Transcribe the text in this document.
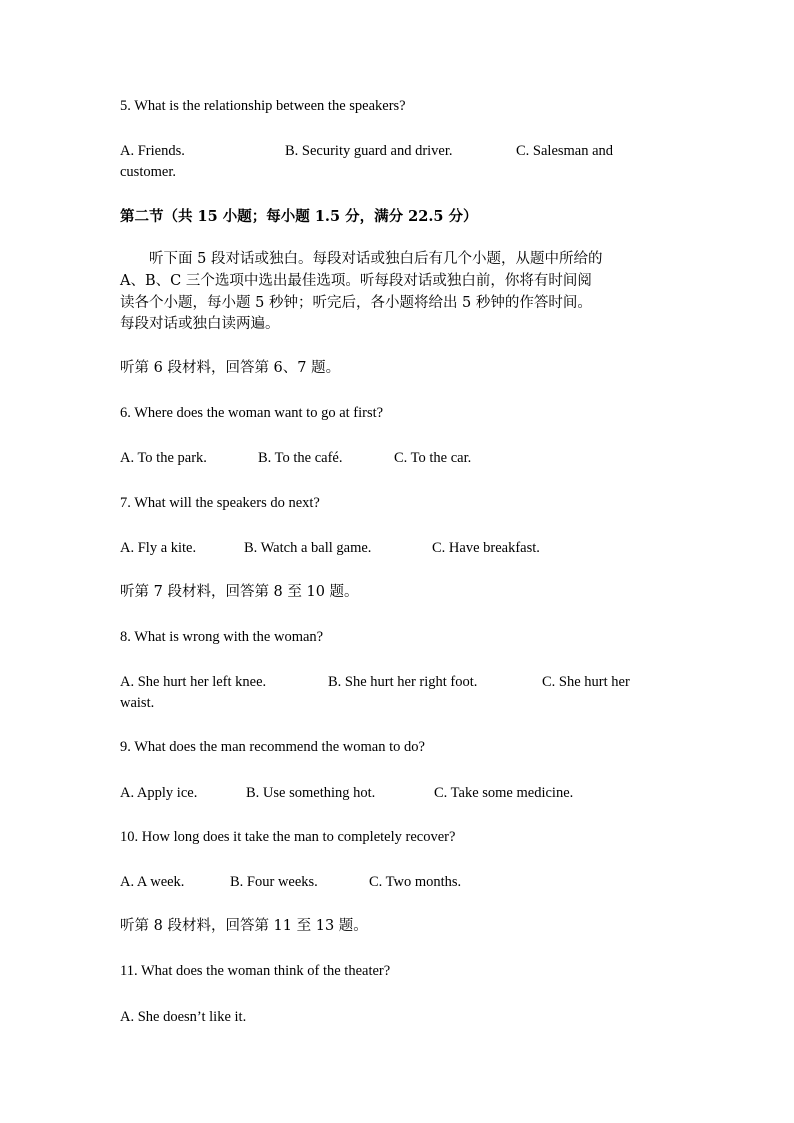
5. What is the relationship between the speakers?
A. Friends.	B. Security guard and driver.	C. Salesman and
customer.
第二节（共 15 小题；每小题 1.5 分，满分 22.5 分）
听下面 5 段对话或独白。每段对话或独白后有几个小题，从题中所给的
A、B、C 三个选项中选出最佳选项。听每段对话或独白前，你将有时间阅
读各个小题，每小题 5 秒钟；听完后，各小题将给出 5 秒钟的作答时间。
每段对话或独白读两遍。
听第 6 段材料，回答第 6、7 题。
6. Where does the woman want to go at first?
A. To the park.	B. To the café.	C. To the car.
7. What will the speakers do next?
A. Fly a kite.	B. Watch a ball game.	C. Have breakfast.
听第 7 段材料，回答第 8 至 10 题。
8. What is wrong with the woman?
A. She hurt her left knee.	B. She hurt her right foot.	C. She hurt her
waist.
9. What does the man recommend the woman to do?
A. Apply ice.	B. Use something hot.	C. Take some medicine.
10. How long does it take the man to completely recover?
A. A week.	B. Four weeks.	C. Two months.
听第 8 段材料，回答第 11 至 13 题。
11. What does the woman think of the theater?
A. She doesn’t like it.
